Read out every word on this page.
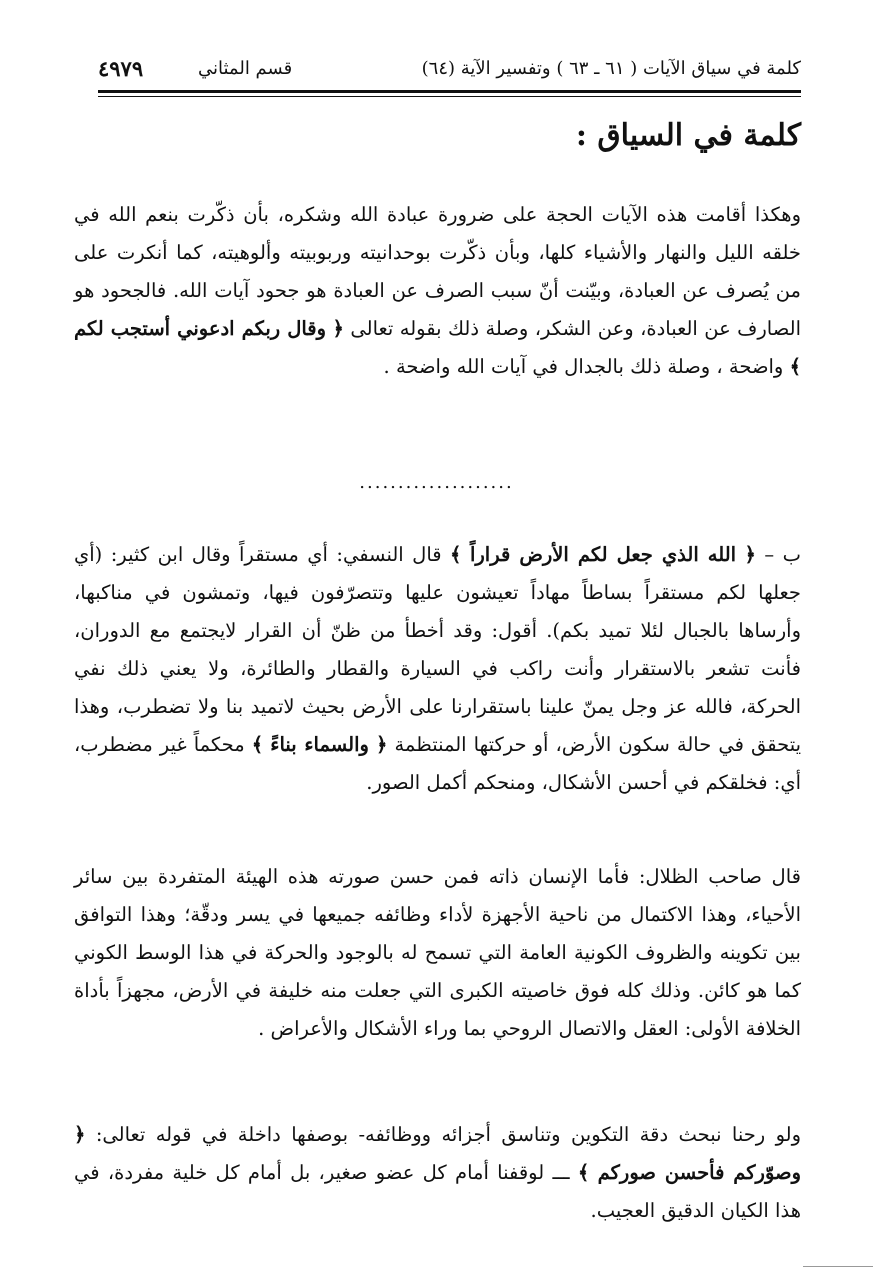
٤٩٧٩	قسم المثاني	كلمة في سياق الآيات ( ٦١ ـ ٦٣ ) وتفسير الآية (٦٤)
كلمة في السياق :

وهكذا أقامت هذه الآيات الحجة على ضرورة عبادة الله وشكره، بأن ذكّرت بنعم الله في خلقه الليل والنهار والأشياء كلها، وبأن ذكّرت بوحدانيته وربوبيته وألوهيته، كما أنكرت على من يُصرف عن العبادة، وبيّنت أنّ سبب الصرف عن العبادة هو جحود آيات الله. فالجحود هو الصارف عن العبادة، وعن الشكر، وصلة ذلك بقوله تعالى ﴿ وقال ربكم ادعوني أستجب لكم ﴾ واضحة ، وصلة ذلك بالجدال في آيات الله واضحة .

....................

ب – ﴿ الله الذي جعل لكم الأرض قراراً ﴾ قال النسفي: أي مستقراً وقال ابن كثير: (أي جعلها لكم مستقراً بساطاً مهاداً تعيشون عليها وتتصرّفون فيها، وتمشون في مناكبها، وأرساها بالجبال لئلا تميد بكم). أقول: وقد أخطأ من ظنّ أن القرار لايجتمع مع الدوران، فأنت تشعر بالاستقرار وأنت راكب في السيارة والقطار والطائرة، ولا يعني ذلك نفي الحركة، فالله عز وجل يمنّ علينا باستقرارنا على الأرض بحيث لاتميد بنا ولا تضطرب، وهذا يتحقق في حالة سكون الأرض، أو حركتها المنتظمة ﴿ والسماء بناءً ﴾ محكماً غير مضطرب، أي: فخلقكم في أحسن الأشكال، ومنحكم أكمل الصور.

قال صاحب الظلال: فأما الإنسان ذاته فمن حسن صورته هذه الهيئة المتفردة بين سائر الأحياء، وهذا الاكتمال من ناحية الأجهزة لأداء وظائفه جميعها في يسر ودقّة؛ وهذا التوافق بين تكوينه والظروف الكونية العامة التي تسمح له بالوجود والحركة في هذا الوسط الكوني كما هو كائن. وذلك كله فوق خاصيته الكبرى التي جعلت منه خليفة في الأرض، مجهزاً بأداة الخلافة الأولى: العقل والاتصال الروحي بما وراء الأشكال والأعراض .

ولو رحنا نبحث دقة التكوين وتناسق أجزائه ووظائفه- بوصفها داخلة في قوله تعالى: ﴿ وصوّركم فأحسن صوركم ﴾ ـــ لوقفنا أمام كل عضو صغير، بل أمام كل خلية مفردة، في هذا الكيان الدقيق العجيب.
